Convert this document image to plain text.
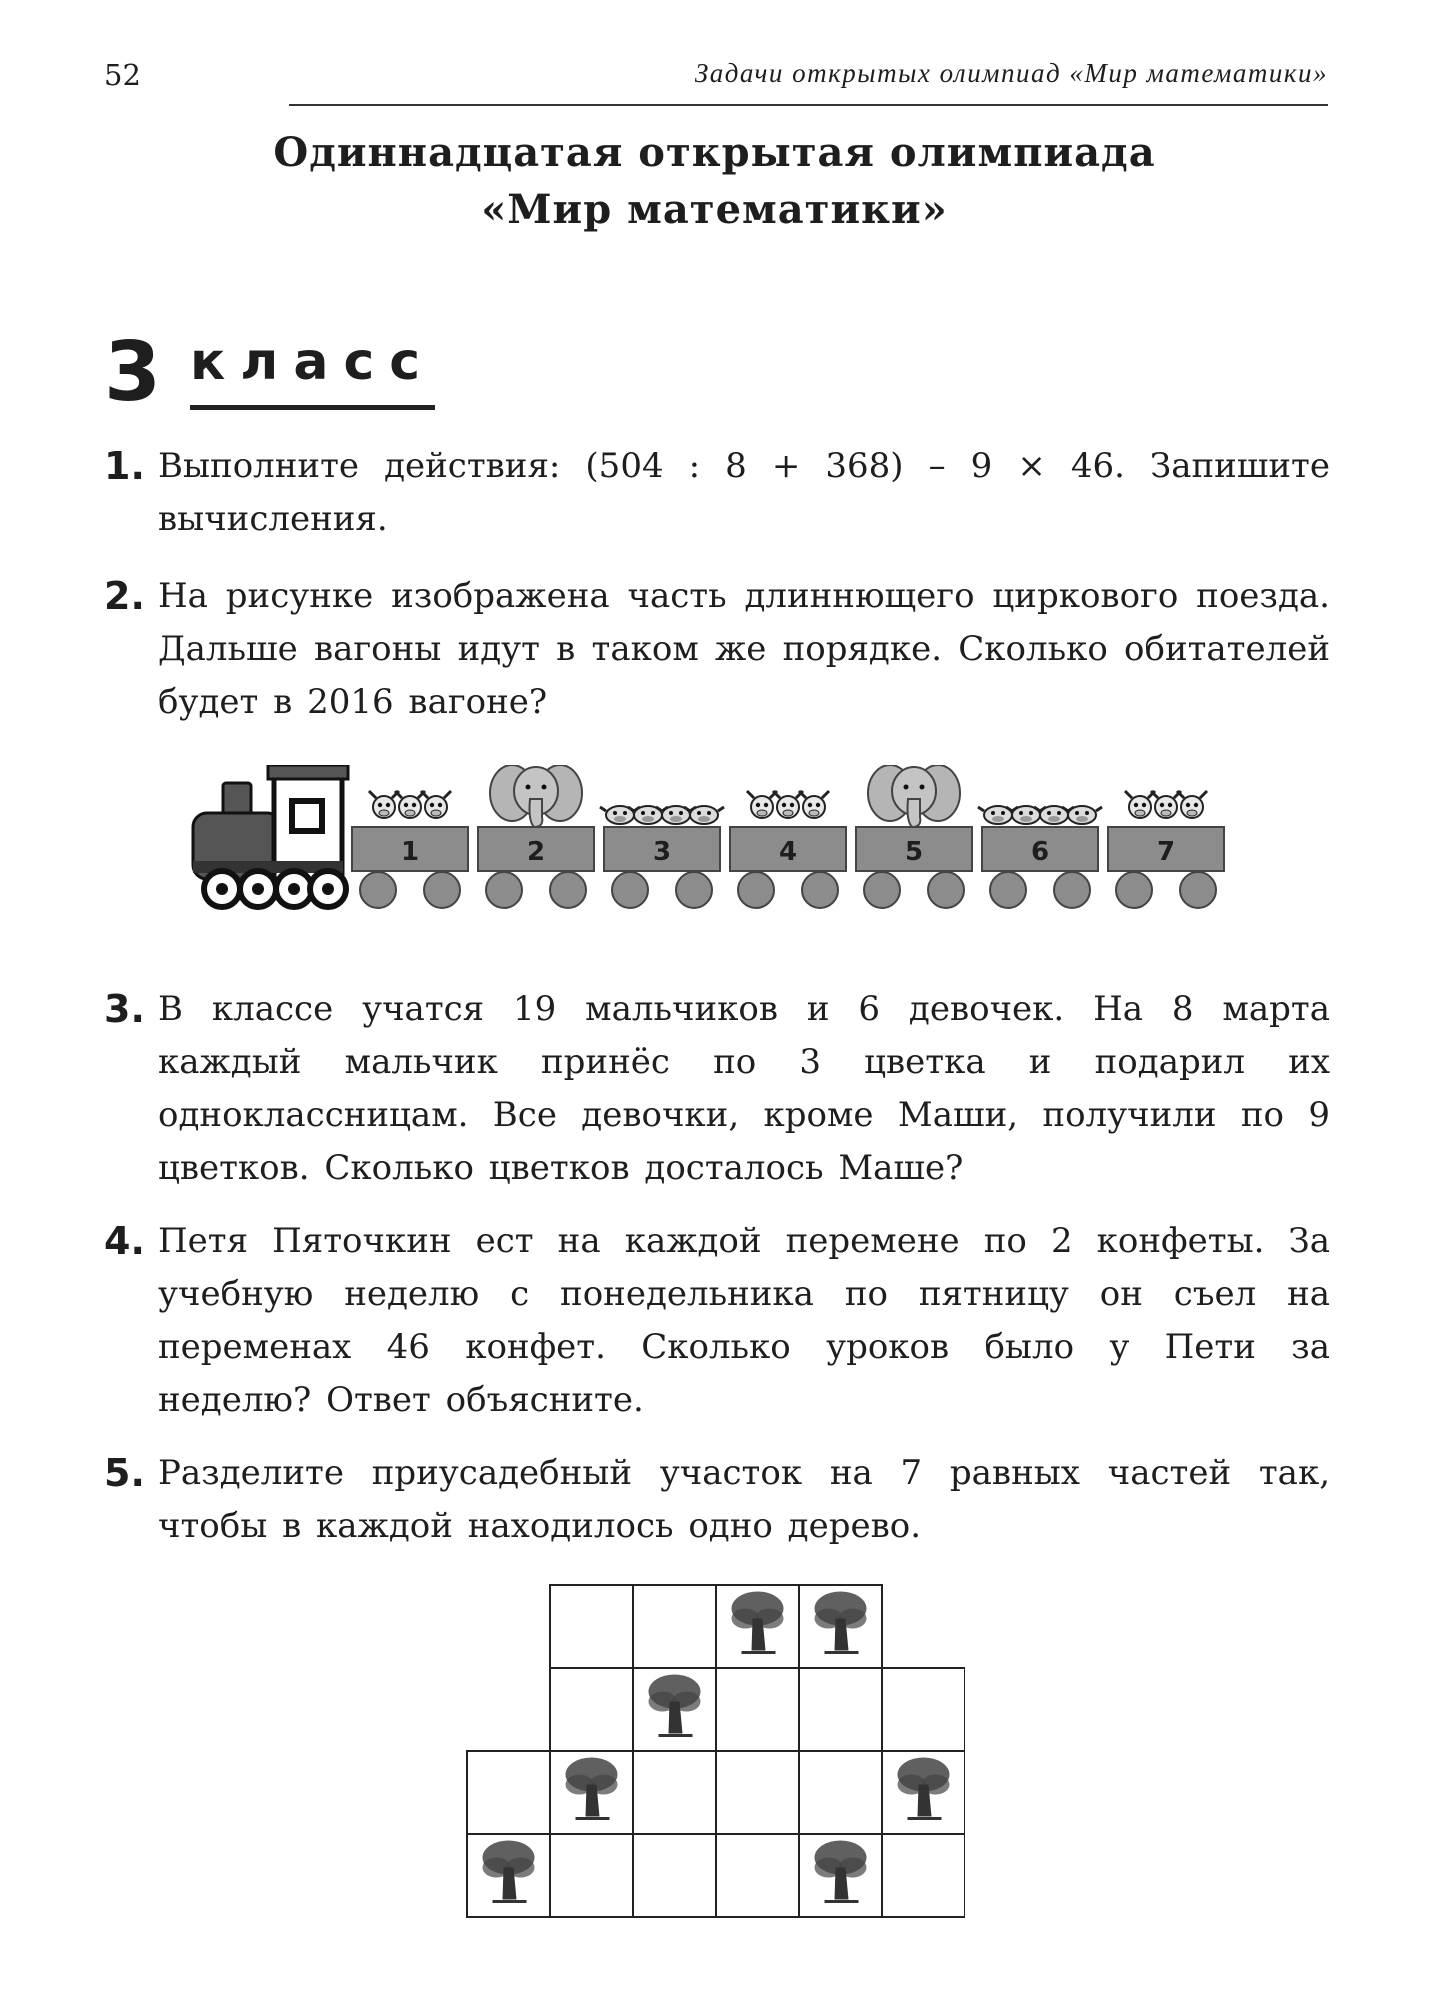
52	Задачи открытых олимпиад «Мир математики»
Одиннадцатая открытая олимпиада
«Мир математики»
3 класс
1. Выполните действия: (504 : 8 + 368) – 9 × 46. Запишите вычисления.
2. На рисунке изображена часть длиннющего циркового поезда. Дальше вагоны идут в таком же порядке. Сколько обитателей будет в 2016 вагоне?
1	2	3	4	5	6	7
3. В классе учатся 19 мальчиков и 6 девочек. На 8 марта каждый мальчик принёс по 3 цветка и подарил их одноклассницам. Все девочки, кроме Маши, получили по 9 цветков. Сколько цветков досталось Маше?
4. Петя Пяточкин ест на каждой перемене по 2 конфеты. За учебную неделю с понедельника по пятницу он съел на переменах 46 конфет. Сколько уроков было у Пети за неделю? Ответ объясните.
5. Разделите приусадебный участок на 7 равных частей так, чтобы в каждой находилось одно дерево.
